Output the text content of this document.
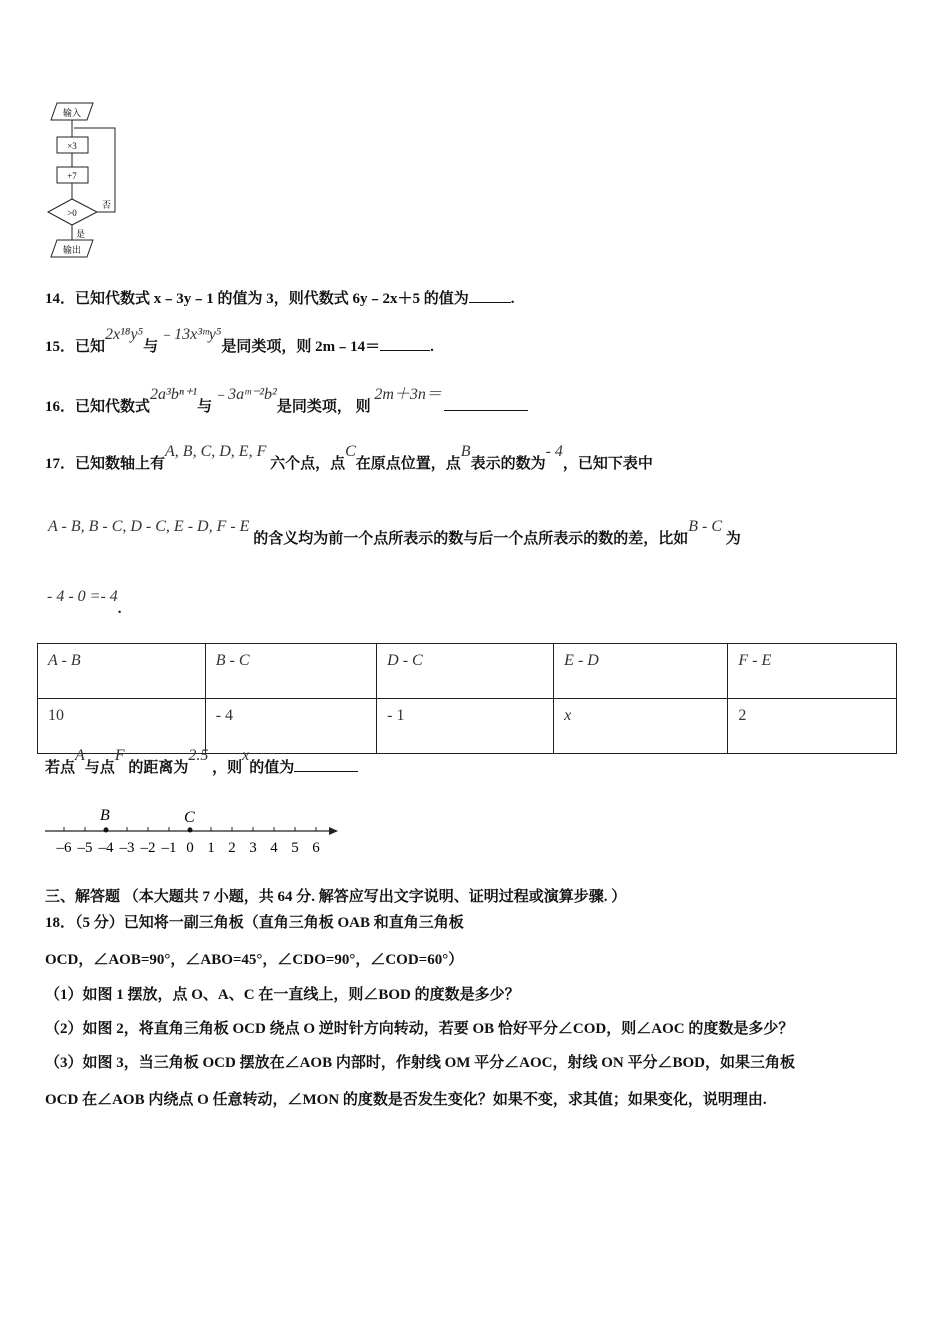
输入
×3
+7
>0
否
是
输出
14．已知代数式 x﹣3y﹣1 的值为 3，则代数式 6y﹣2x＋5 的值为	.
15．已知2x¹⁸y⁵与﹣13x³ᵐy⁵是同类项，则 2m﹣14＝	.
16．已知代数式2a³bⁿ⁺¹与﹣3aᵐ⁻²b²是同类项， 则 2m＋3n＝
17．已知数轴上有A, B, C, D, E, F 六个点，点C在原点位置，点B表示的数为- 4，已知下表中
A - B, B - C, D - C, E - D, F - E 的含义均为前一个点所表示的数与后一个点所表示的数的差，比如B - C 为
- 4 - 0 =- 4.
A - B	B - C	D - C	E - D	F - E
10	- 4	- 1	x	2
若点A与点F 的距离为2.5 ，则x的值为
–6 –5 –4 –3 –2 –1 0 1 2 3 4 5 6
B	C
三、解答题 （本大题共 7 小题，共 64 分. 解答应写出文字说明、证明过程或演算步骤. ）
18．（5 分）已知将一副三角板（直角三角板 OAB 和直角三角板
OCD，∠AOB=90°，∠ABO=45°，∠CDO=90°，∠COD=60°）
（1）如图 1 摆放，点 O、A、C 在一直线上，则∠BOD 的度数是多少？
（2）如图 2，将直角三角板 OCD 绕点 O 逆时针方向转动，若要 OB 恰好平分∠COD，则∠AOC 的度数是多少？
（3）如图 3，当三角板 OCD 摆放在∠AOB 内部时，作射线 OM 平分∠AOC，射线 ON 平分∠BOD，如果三角板
OCD 在∠AOB 内绕点 O 任意转动，∠MON 的度数是否发生变化？如果不变，求其值；如果变化，说明理由.
